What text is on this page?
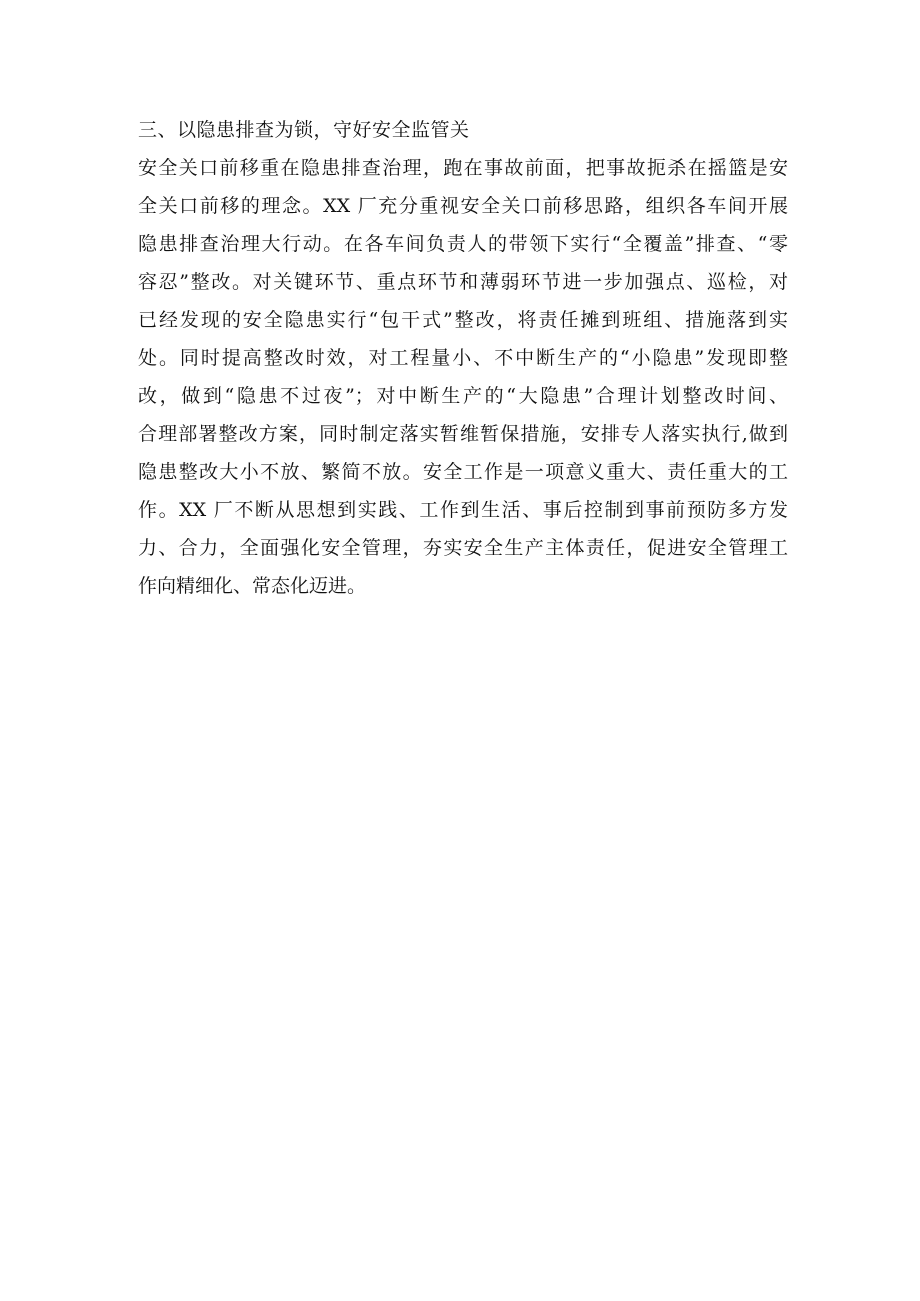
三、以隐患排查为锁，守好安全监管关
安全关口前移重在隐患排查治理，跑在事故前面，把事故扼杀在摇篮是安
全关口前移的理念。XX 厂充分重视安全关口前移思路，组织各车间开展
隐患排查治理大行动。在各车间负责人的带领下实行“全覆盖”排查、“零
容忍”整改。对关键环节、重点环节和薄弱环节进一步加强点、巡检，对
已经发现的安全隐患实行“包干式”整改，将责任摊到班组、措施落到实
处。同时提高整改时效，对工程量小、不中断生产的“小隐患”发现即整
改，做到“隐患不过夜”；对中断生产的“大隐患”合理计划整改时间、
合理部署整改方案，同时制定落实暂维暂保措施，安排专人落实执行,做到
隐患整改大小不放、繁简不放。安全工作是一项意义重大、责任重大的工
作。XX 厂不断从思想到实践、工作到生活、事后控制到事前预防多方发
力、合力，全面强化安全管理，夯实安全生产主体责任，促进安全管理工
作向精细化、常态化迈进。
